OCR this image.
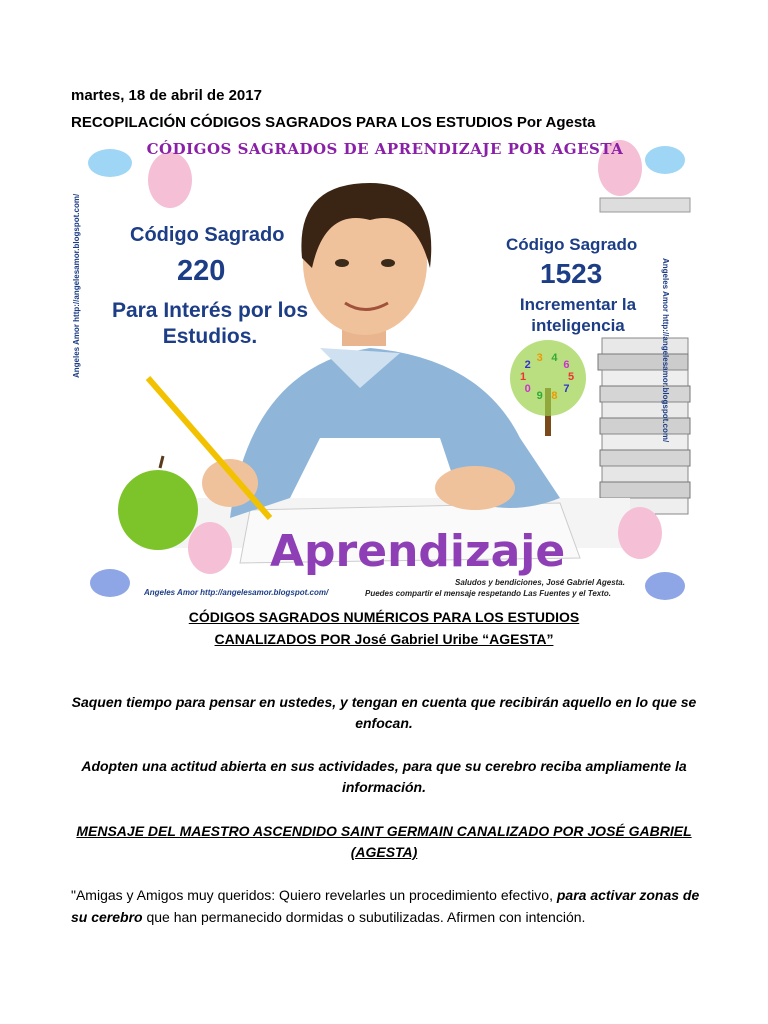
martes, 18 de abril de 2017
RECOPILACIÓN CÓDIGOS SAGRADOS PARA LOS ESTUDIOS Por Agesta
5
7
8
9
0
1
2
3 4
6
CÓDIGOS SAGRADOS DE APRENDIZAJE POR AGESTA
Código Sagrado
220
Para Interés por los Estudios.
Código Sagrado
1523
Incrementar la inteligencia
Angeles Amor http://angelesamor.blogspot.com/	Angeles Amor http://angelesamor.blogspot.com/
Aprendizaje
Angeles Amor http://angelesamor.blogspot.com/
Saludos y bendiciones, José Gabriel Agesta.
Puedes compartir el mensaje respetando Las Fuentes y el Texto.
CÓDIGOS SAGRADOS NUMÉRICOS PARA LOS ESTUDIOS
CANALIZADOS POR José Gabriel Uribe “AGESTA”
Saquen tiempo para pensar en ustedes, y tengan en cuenta que recibirán aquello en lo que se enfocan.
Adopten una actitud abierta en sus actividades, para que su cerebro reciba ampliamente la información.
MENSAJE DEL MAESTRO ASCENDIDO SAINT GERMAIN CANALIZADO POR JOSÉ GABRIEL (AGESTA)
"Amigas y Amigos muy queridos: Quiero revelarles un procedimiento efectivo, para activar zonas de su cerebro que han permanecido dormidas o subutilizadas. Afirmen con intención.
